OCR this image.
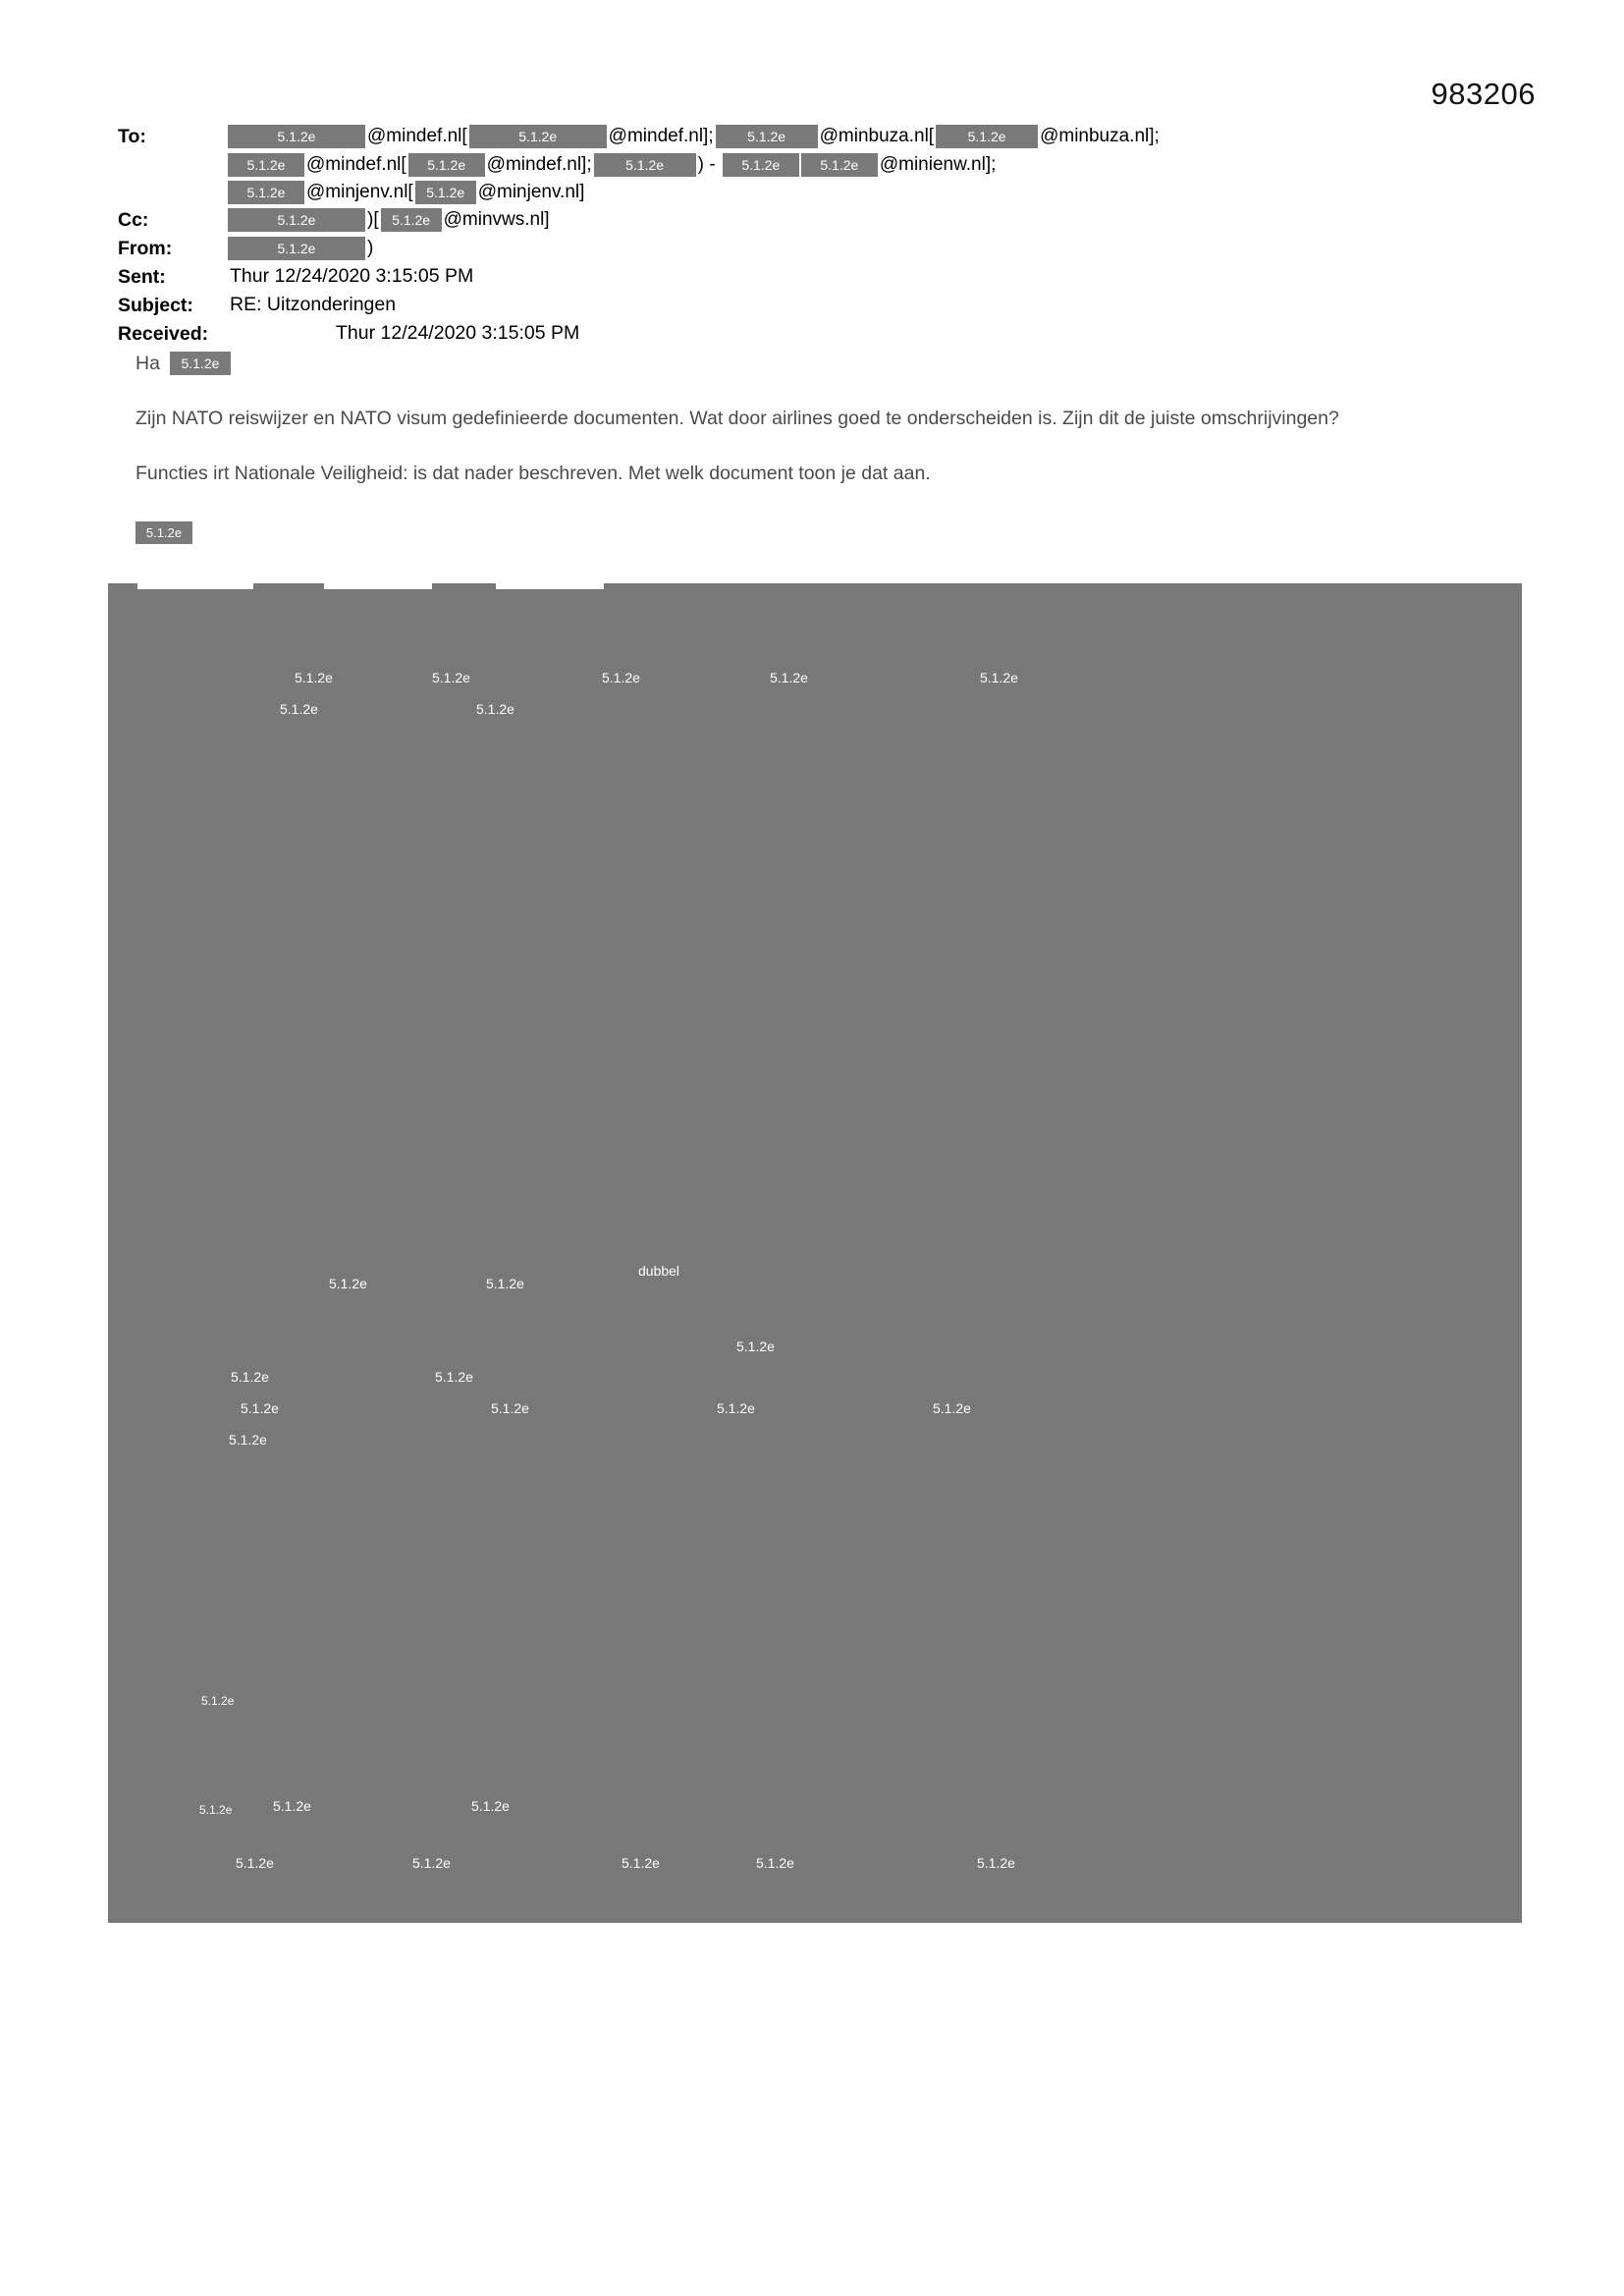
983206
To:	5.1.2e	@mindef.nl[	5.1.2e	@mindef.nl];	5.1.2e	@minbuza.nl[	5.1.2e	@minbuza.nl];
5.1.2e	@mindef.nl[	5.1.2e	@mindef.nl];	5.1.2e	) -	5.1.2e	5.1.2e	@minienw.nl];
5.1.2e	@minjenv.nl[ 5.1.2e @minjenv.nl]
Cc:	5.1.2e	)[ 5.1.2e @minvws.nl]
From:	5.1.2e	)
Sent:	Thur 12/24/2020 3:15:05 PM
Subject:	RE: Uitzonderingen
Received:	Thur 12/24/2020 3:15:05 PM
Ha	5.1.2e
Zijn NATO reiswijzer en NATO visum gedefinieerde documenten. Wat door airlines goed te onderscheiden is. Zijn dit de juiste omschrijvingen?
Functies irt Nationale Veiligheid: is dat nader beschreven. Met welk document toon je dat aan.
5.1.2e
5.1.2e	5.1.2e	5.1.2e	5.1.2e	5.1.2e
5.1.2e	5.1.2e
5.1.2e	5.1.2e
dubbel
5.1.2e
5.1.2e	5.1.2e
5.1.2e	5.1.2e	5.1.2e	5.1.2e
5.1.2e
5.1.2e
5.1.2e	5.1.2e	5.1.2e
5.1.2e	5.1.2e	5.1.2e	5.1.2e	5.1.2e
